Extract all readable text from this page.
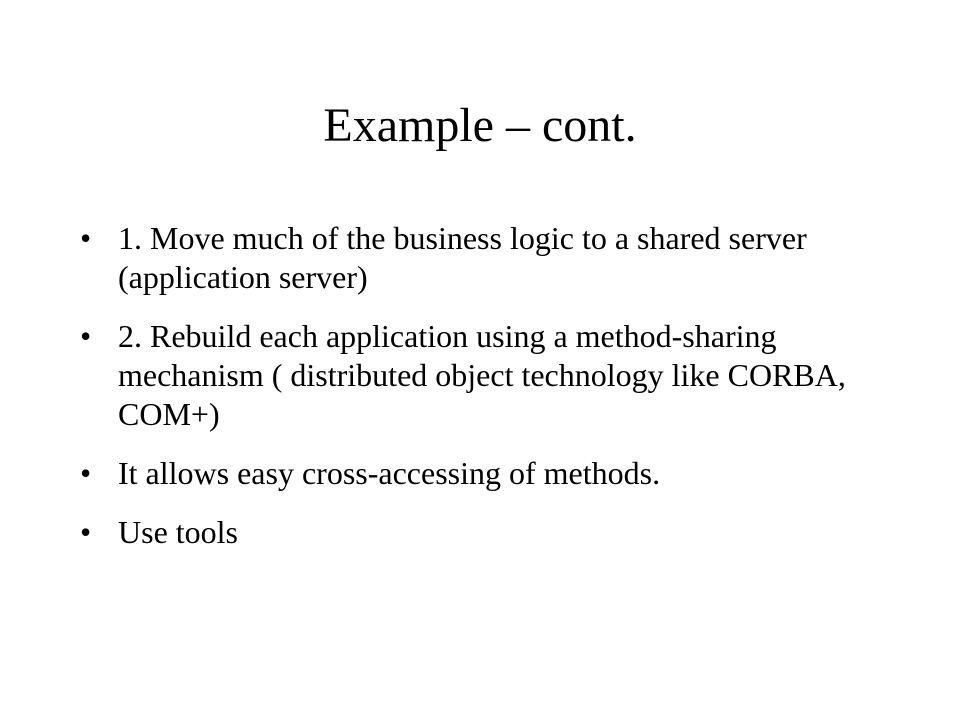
Example – cont.
• 1. Move much of the business logic to a shared server (application server)
• 2. Rebuild each application using a method-sharing mechanism ( distributed object technology like CORBA, COM+)
• It allows easy cross-accessing of methods.
• Use tools
